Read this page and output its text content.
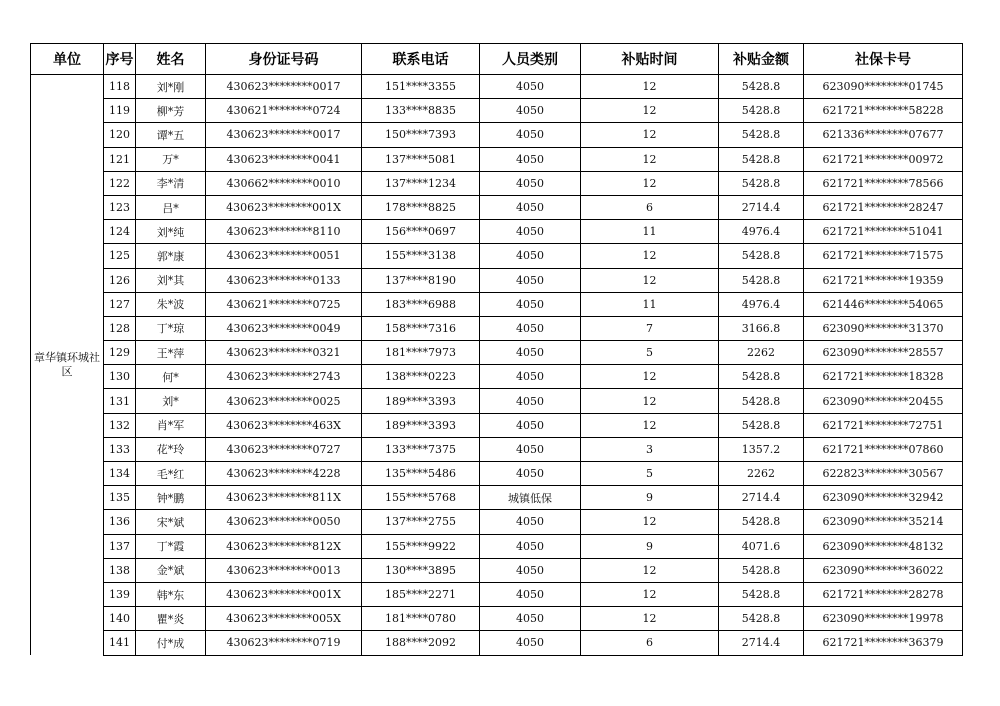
单位	序号	姓名	身份证号码	联系电话	人员类别	补贴时间	补贴金额	社保卡号
章华镇环城社区	118	刘*刚	430623********0017	151****3355	4050	12	5428.8	623090********01745
	119	柳*芳	430621********0724	133****8835	4050	12	5428.8	621721********58228
	120	谭*五	430623********0017	150****7393	4050	12	5428.8	621336********07677
	121	万*	430623********0041	137****5081	4050	12	5428.8	621721********00972
	122	李*清	430662********0010	137****1234	4050	12	5428.8	621721********78566
	123	吕*	430623********001X	178****8825	4050	6	2714.4	621721********28247
	124	刘*纯	430623********8110	156****0697	4050	11	4976.4	621721********51041
	125	郭*康	430623********0051	155****3138	4050	12	5428.8	621721********71575
	126	刘*其	430623********0133	137****8190	4050	12	5428.8	621721********19359
	127	朱*波	430621********0725	183****6988	4050	11	4976.4	621446********54065
	128	丁*琼	430623********0049	158****7316	4050	7	3166.8	623090********31370
	129	王*萍	430623********0321	181****7973	4050	5	2262	623090********28557
	130	何*	430623********2743	138****0223	4050	12	5428.8	621721********18328
	131	刘*	430623********0025	189****3393	4050	12	5428.8	623090********20455
	132	肖*军	430623********463X	189****3393	4050	12	5428.8	621721********72751
	133	花*玲	430623********0727	133****7375	4050	3	1357.2	621721********07860
	134	毛*红	430623********4228	135****5486	4050	5	2262	622823********30567
	135	钟*鹏	430623********811X	155****5768	城镇低保	9	2714.4	623090********32942
	136	宋*斌	430623********0050	137****2755	4050	12	5428.8	623090********35214
	137	丁*霞	430623********812X	155****9922	4050	9	4071.6	623090********48132
	138	金*斌	430623********0013	130****3895	4050	12	5428.8	623090********36022
	139	韩*东	430623********001X	185****2271	4050	12	5428.8	621721********28278
	140	瞿*炎	430623********005X	181****0780	4050	12	5428.8	623090********19978
	141	付*成	430623********0719	188****2092	4050	6	2714.4	621721********36379
